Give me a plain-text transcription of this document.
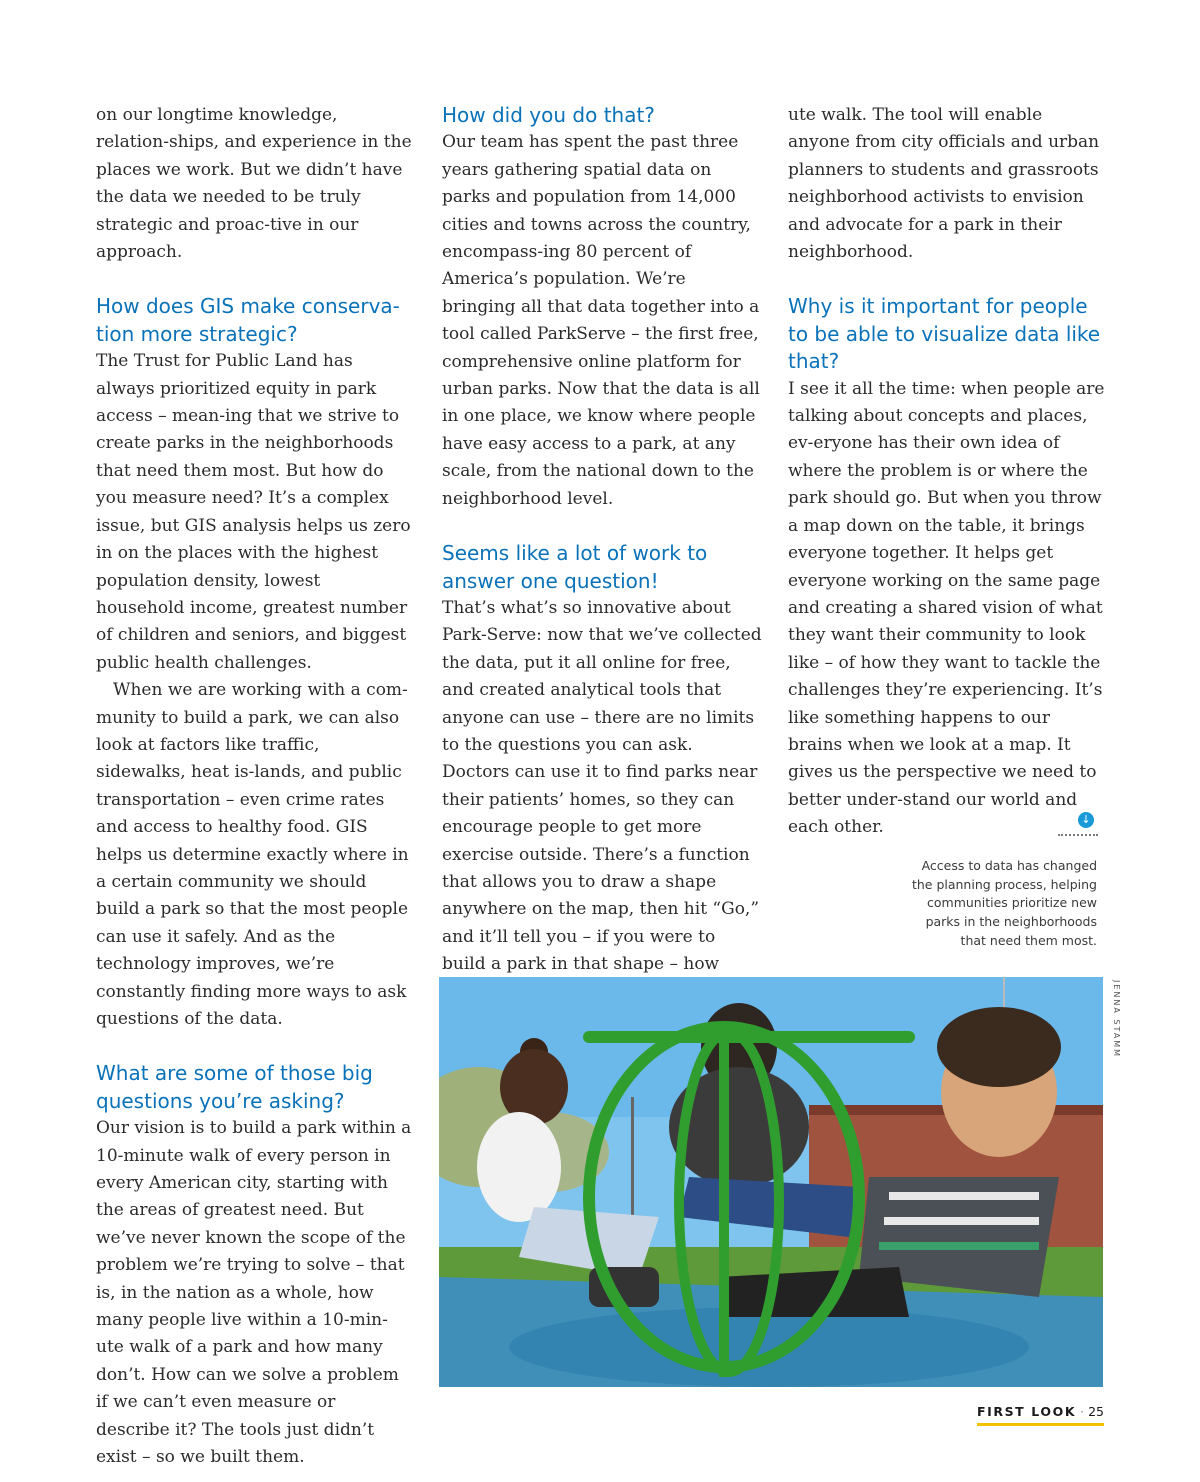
on our longtime knowledge, relation-ships, and experience in the places we work. But we didn’t have the data we needed to be truly strategic and proac-tive in our approach.

How does GIS make conserva-tion more strategic?

The Trust for Public Land has always prioritized equity in park access – mean-ing that we strive to create parks in the neighborhoods that need them most. But how do you measure need? It’s a complex issue, but GIS analysis helps us zero in on the places with the highest population density, lowest household income, greatest number of children and seniors, and biggest public health challenges.

When we are working with a com-munity to build a park, we can also look at factors like traffic, sidewalks, heat is-lands, and public transportation – even crime rates and access to healthy food. GIS helps us determine exactly where in a certain community we should build a park so that the most people can use it safely. And as the technology improves, we’re constantly finding more ways to ask questions of the data.

What are some of those big questions you’re asking?

Our vision is to build a park within a 10-minute walk of every person in every American city, starting with the areas of greatest need. But we’ve never known the scope of the problem we’re trying to solve – that is, in the nation as a whole, how many people live within a 10-min-ute walk of a park and how many don’t. How can we solve a problem if we can’t even measure or describe it? The tools just didn’t exist – so we built them.

How did you do that?

Our team has spent the past three years gathering spatial data on parks and population from 14,000 cities and towns across the country, encompass-ing 80 percent of America’s population. We’re bringing all that data together into a tool called ParkServe – the first free, comprehensive online platform for urban parks. Now that the data is all in one place, we know where people have easy access to a park, at any scale, from the national down to the neighborhood level.

Seems like a lot of work to answer one question!

That’s what’s so innovative about Park-Serve: now that we’ve collected the data, put it all online for free, and created analytical tools that anyone can use – there are no limits to the questions you can ask. Doctors can use it to find parks near their patients’ homes, so they can encourage people to get more exercise outside. There’s a function that allows you to draw a shape anywhere on the map, then hit “Go,” and it’ll tell you – if you were to build a park in that shape – how

ute walk. The tool will enable anyone from city officials and urban planners to students and grassroots neighborhood activists to envision and advocate for a park in their neighborhood.

Why is it important for people to be able to visualize data like that?

I see it all the time: when people are talking about concepts and places, ev-eryone has their own idea of where the problem is or where the park should go. But when you throw a map down on the table, it brings everyone together. It helps get everyone working on the same page and creating a shared vision of what they want their community to look like – of how they want to tackle the challenges they’re experiencing. It’s like something happens to our brains when we look at a map. It gives us the perspective we need to better under-stand our world and each other.	↓
Access to data has changed the planning process, helping communities prioritize new parks in the neighborhoods that need them most.
JENNA STAMM
FIRST LOOK · 25
